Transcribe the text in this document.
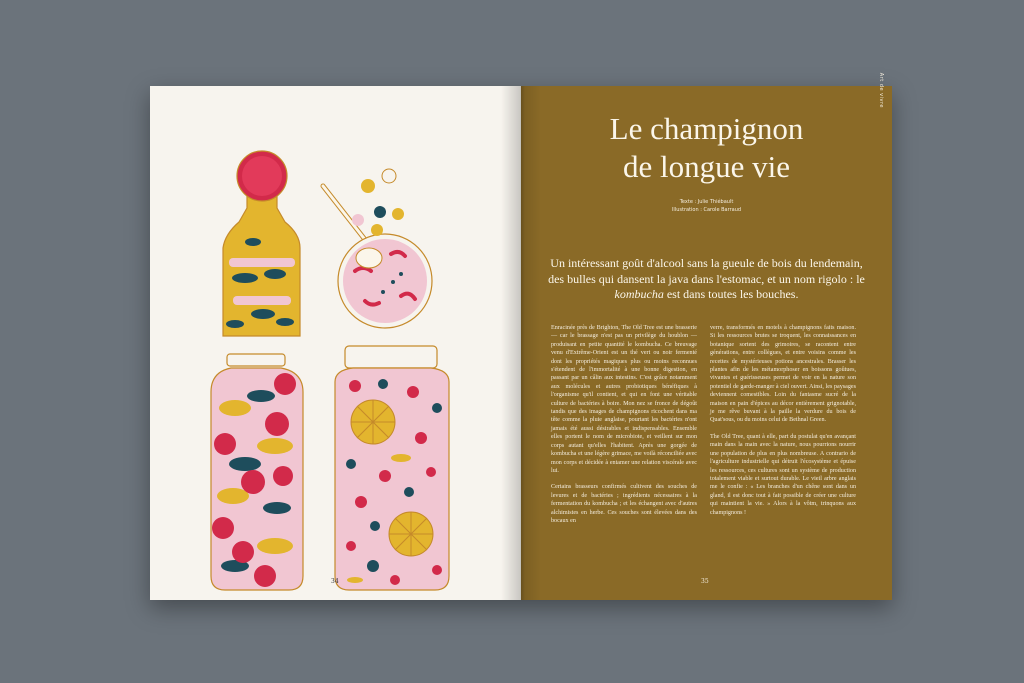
34
Art de vivre
Le champignon
de longue vie
Texte : Julie Thiébault
Illustration : Carole Barraud
Un intéressant goût d'alcool sans la gueule de bois du lendemain, des bulles qui dansent la java dans l'estomac, et un nom rigolo : le kombucha est dans toutes les bouches.

Enracinée près de Brighton, The Old Tree est une brasserie — car le brassage n'est pas un privilège du houblon — produisant en petite quantité le kombucha. Ce breuvage venu d'Extrême-Orient est un thé vert ou noir fermenté dont les propriétés magiques plus ou moins reconnues s'étendent de l'immortalité à une bonne digestion, en passant par un câlin aux intestins. C'est grâce notamment aux molécules et autres probiotiques bénéfiques à l'organisme qu'il contient, et qui en font une véritable culture de bactéries à boire. Mon nez se fronce de dégoût tandis que des images de champignons ricochent dans ma tête comme la pluie anglaise, pourtant les bactéries n'ont jamais été aussi désirables et indispensables. Ensemble elles portent le nom de microbiote, et veillent sur mon corps autant qu'elles l'habitent. Après une gorgée de kombucha et une légère grimace, me voilà réconciliée avec mon corps et décidée à entamer une relation viscérale avec lui.

Certains brasseurs confirmés cultivent des souches de levures et de bactéries ; ingrédients nécessaires à la fermentation du kombucha ; et les échangent avec d'autres alchimistes en herbe. Ces souches sont élevées dans des bocaux en

verre, transformés en motels à champignons faits maison. Si les ressources brutes se troquent, les connaissances en botanique sortent des grimoires, se racontent entre générations, entre collègues, et entre voisins comme les recettes de mystérieuses potions ancestrales. Brasser les plantes afin de les métamorphoser en boissons goûtues, vivantes et guérisseuses permet de voir en la nature son potentiel de garde-manger à ciel ouvert. Ainsi, les paysages deviennent comestibles. Loin du fantasme sucré de la maison en pain d'épices au décor entièrement grignotable, je me rêve buvant à la paille la verdure du bois de Quat'sous, ou du moins celui de Bethnal Green.

The Old Tree, quant à elle, part du postulat qu'en avançant main dans la main avec la nature, nous pourrions nourrir une population de plus en plus nombreuse. A contrario de l'agriculture industrielle qui détruit l'écosystème et épuise les ressources, ces cultures sont un système de production totalement viable et surtout durable. Le vieil arbre anglais me le confie : « Les branches d'un chêne sont dans un gland, il est donc tout à fait possible de créer une culture qui maintient la vie. » Alors à la vôtm, trinquons aux champignons !

35
